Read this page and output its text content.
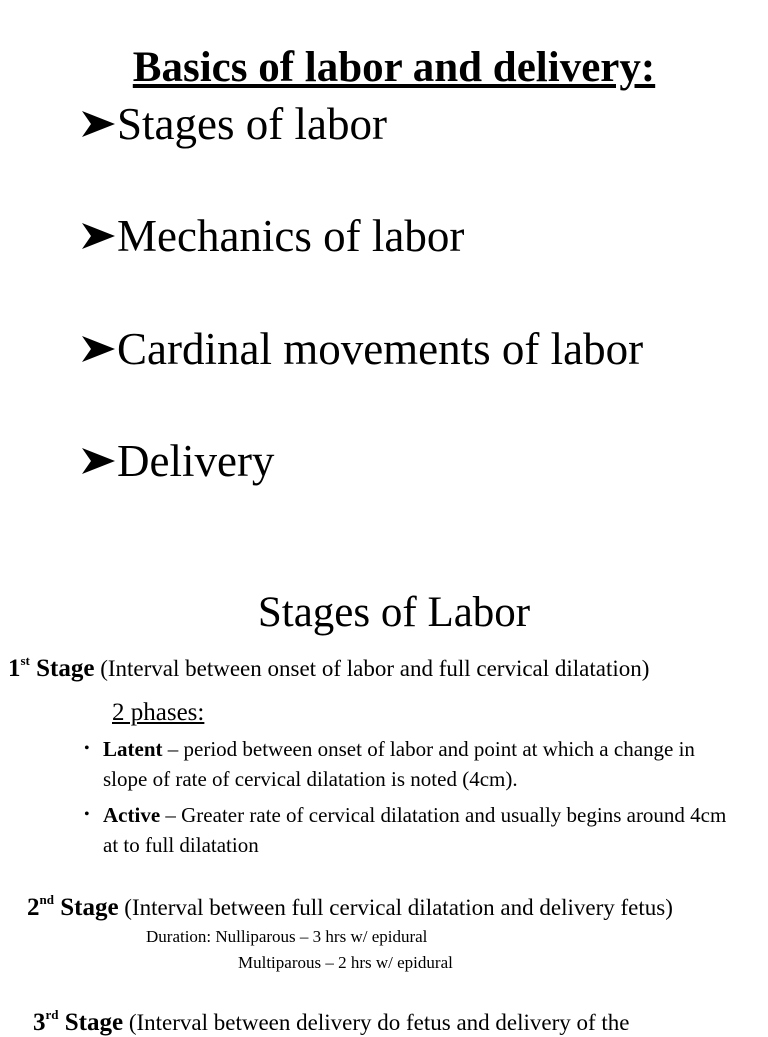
Basics of labor and delivery:
Stages of labor
Mechanics of labor
Cardinal movements of labor
Delivery
Stages of Labor
1st Stage (Interval between onset of labor and full cervical dilatation)
2 phases:
• Latent – period between onset of labor and point at which a change in slope of rate of cervical dilatation is noted (4cm).
• Active – Greater rate of cervical dilatation and usually begins around 4cm at to full dilatation
2nd Stage (Interval between full cervical dilatation and delivery fetus)
Duration: Nulliparous – 3 hrs w/ epidural
Multiparous – 2 hrs w/ epidural
3rd Stage (Interval between delivery do fetus and delivery of the
